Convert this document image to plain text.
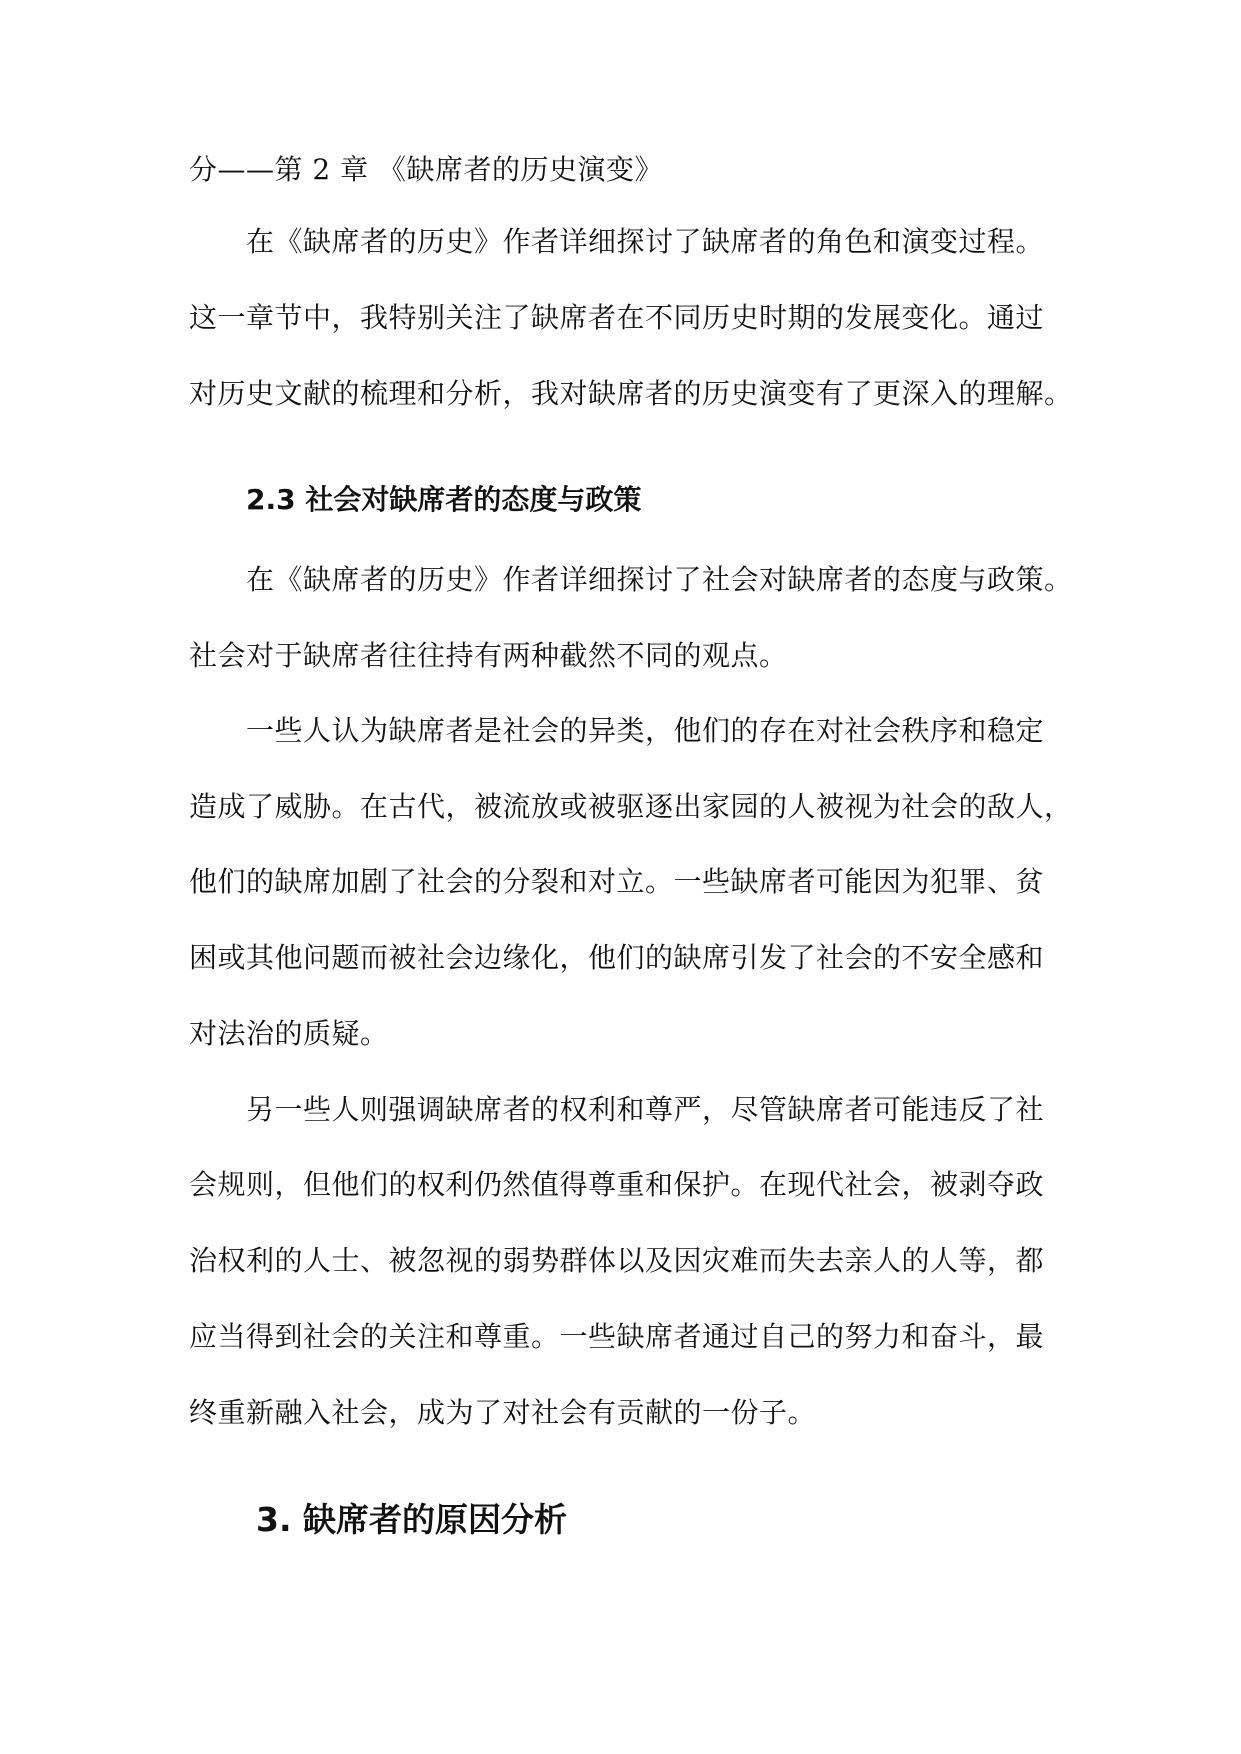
分——第 2 章 《缺席者的历史演变》

在《缺席者的历史》作者详细探讨了缺席者的角色和演变过程。

这一章节中，我特别关注了缺席者在不同历史时期的发展变化。通过

对历史文献的梳理和分析，我对缺席者的历史演变有了更深入的理解。

2.3 社会对缺席者的态度与政策

在《缺席者的历史》作者详细探讨了社会对缺席者的态度与政策。

社会对于缺席者往往持有两种截然不同的观点。

一些人认为缺席者是社会的异类，他们的存在对社会秩序和稳定

造成了威胁。在古代，被流放或被驱逐出家园的人被视为社会的敌人，

他们的缺席加剧了社会的分裂和对立。一些缺席者可能因为犯罪、贫

困或其他问题而被社会边缘化，他们的缺席引发了社会的不安全感和

对法治的质疑。

另一些人则强调缺席者的权利和尊严，尽管缺席者可能违反了社

会规则，但他们的权利仍然值得尊重和保护。在现代社会，被剥夺政

治权利的人士、被忽视的弱势群体以及因灾难而失去亲人的人等，都

应当得到社会的关注和尊重。一些缺席者通过自己的努力和奋斗，最

终重新融入社会，成为了对社会有贡献的一份子。

3. 缺席者的原因分析
